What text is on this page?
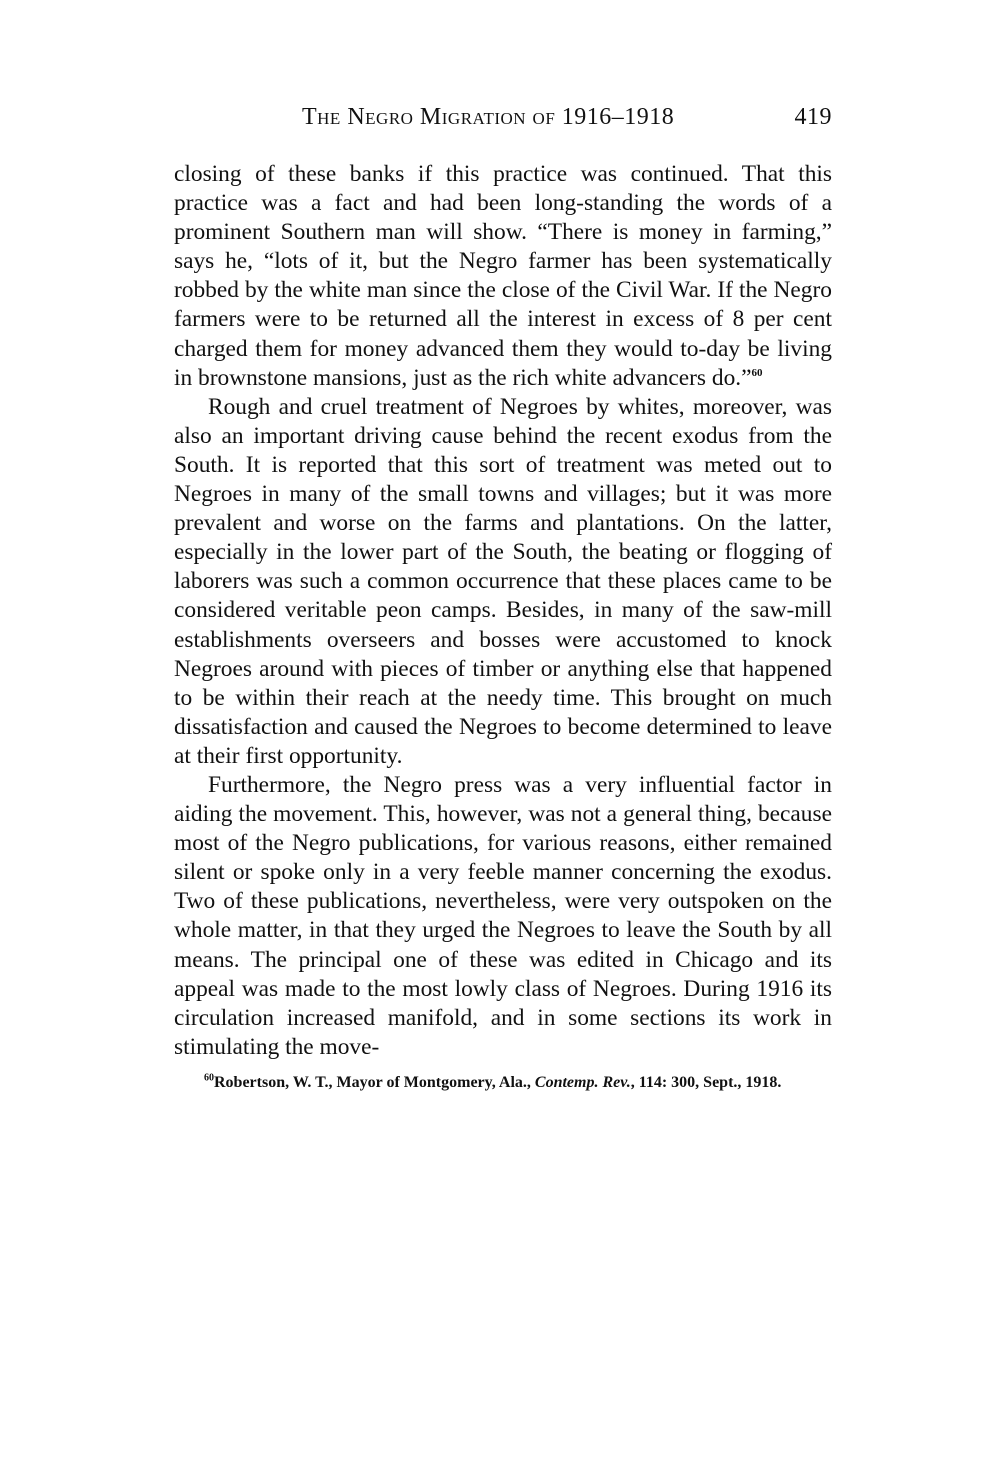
The Negro Migration of 1916–1918	419

closing of these banks if this practice was continued. That this practice was a fact and had been long-standing the words of a prominent Southern man will show. “There is money in farming,” says he, “lots of it, but the Negro farmer has been systematically robbed by the white man since the close of the Civil War. If the Negro farmers were to be returned all the interest in excess of 8 per cent charged them for money advanced them they would to-day be living in brownstone mansions, just as the rich white advancers do.”$^{60}$

Rough and cruel treatment of Negroes by whites, moreover, was also an important driving cause behind the recent exodus from the South. It is reported that this sort of treatment was meted out to Negroes in many of the small towns and villages; but it was more prevalent and worse on the farms and plantations. On the latter, especially in the lower part of the South, the beating or flogging of laborers was such a common occurrence that these places came to be considered veritable peon camps. Besides, in many of the saw-mill establishments overseers and bosses were accustomed to knock Negroes around with pieces of timber or anything else that happened to be within their reach at the needy time. This brought on much dissatisfaction and caused the Negroes to become determined to leave at their first opportunity.

Furthermore, the Negro press was a very influential factor in aiding the movement. This, however, was not a general thing, because most of the Negro publications, for various reasons, either remained silent or spoke only in a very feeble manner concerning the exodus. Two of these publications, nevertheless, were very outspoken on the whole matter, in that they urged the Negroes to leave the South by all means. The principal one of these was edited in Chicago and its appeal was made to the most lowly class of Negroes. During 1916 its circulation increased manifold, and in some sections its work in stimulating the move-

$^{60}$Robertson, W. T., Mayor of Montgomery, Ala., Contemp. Rev., 114: 300, Sept., 1918.
